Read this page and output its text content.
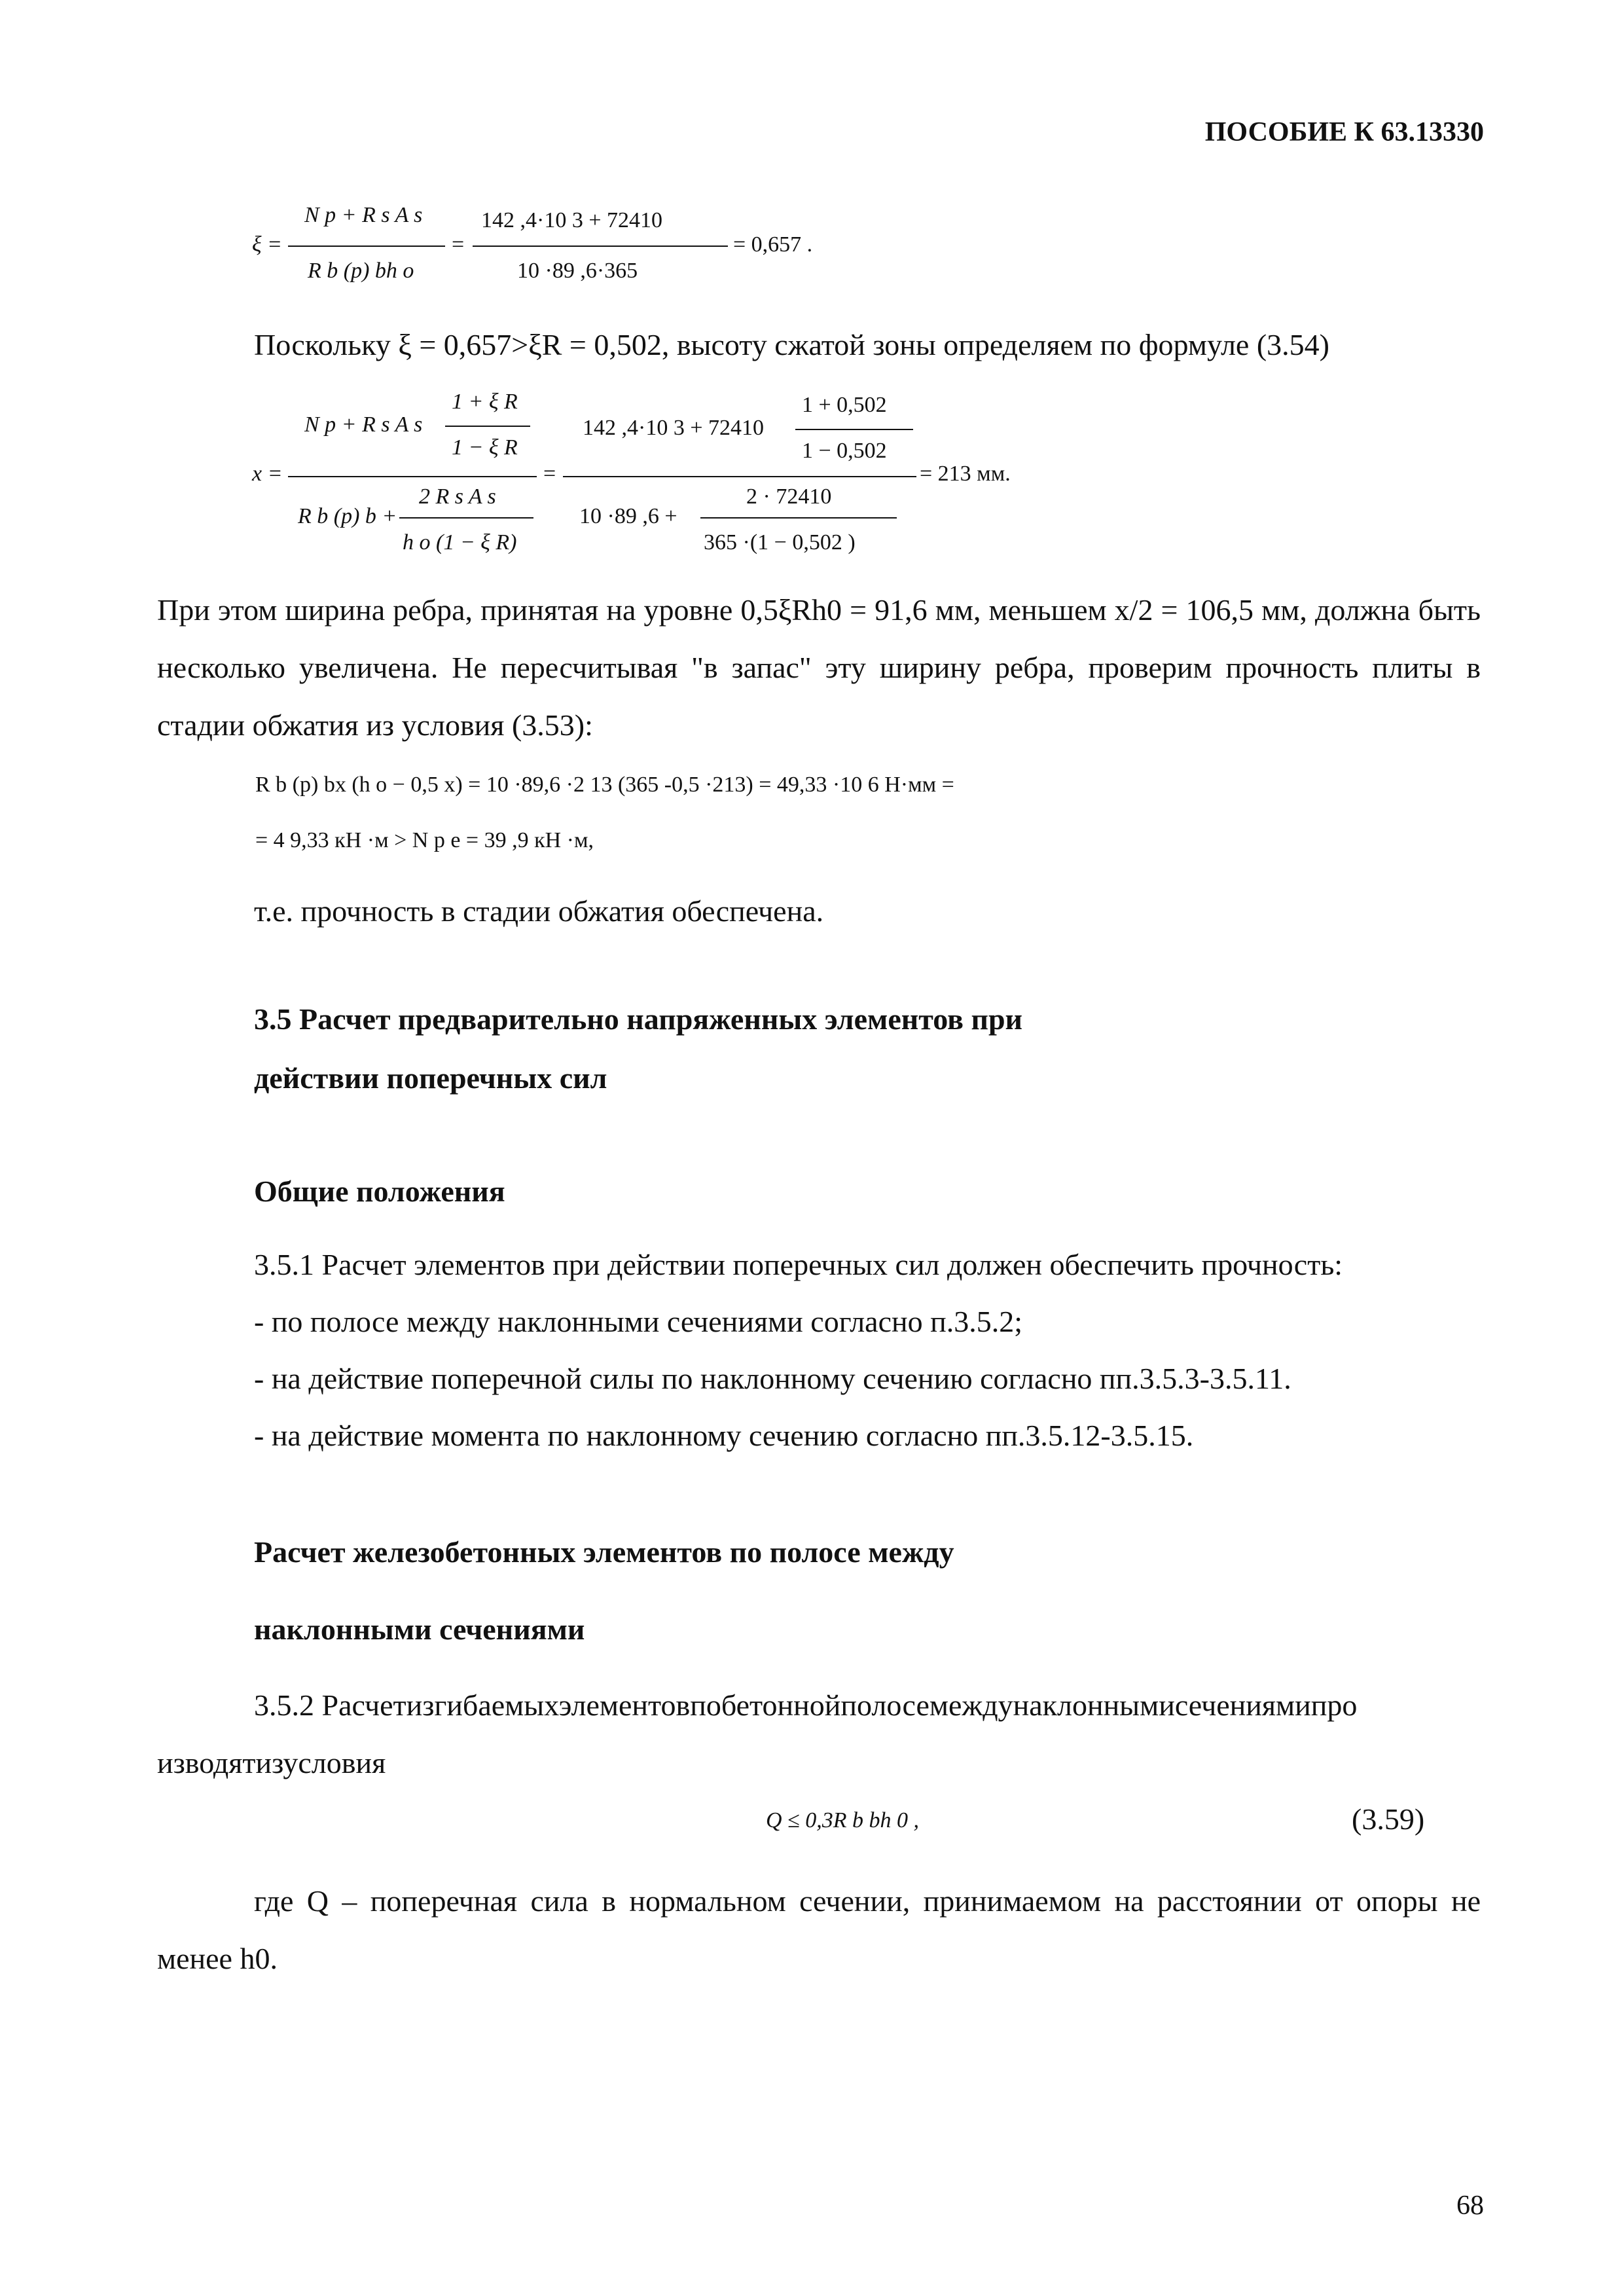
ПОСОБИЕ К 63.13330
ξ =
N p + R s A s
R b (p) bh o
=
142 ,4·10 3 + 72410
10 ·89 ,6·365
= 0,657 .
Поскольку ξ = 0,657>ξR = 0,502, высоту сжатой зоны определяем по формуле (3.54)
x =
1 + ξ R
1 − ξ R
N p + R s A s
R b (p) b +
2 R s A s
h o (1 − ξ R)
=
142 ,4·10 3 + 72410
1 + 0,502
1 − 0,502
10 ·89 ,6 +
2 · 72410
365 ·(1 − 0,502 )
= 213 мм.
При этом ширина ребра, принятая на уровне 0,5ξRh0 = 91,6 мм, меньшем x/2 = 106,5 мм, должна быть несколько увеличена. Не пересчитывая "в запас" эту ширину ребра, проверим прочность плиты в стадии обжатия из условия (3.53):
R b (p) bx (h o − 0,5 x) = 10 ·89,6 ·2 13 (365 -0,5 ·213) = 49,33 ·10 6 Н·мм =
= 4 9,33 кН ·м > N p e = 39 ,9 кН ·м,
т.е. прочность в стадии обжатия обеспечена.
3.5 Расчет предварительно напряженных элементов при
действии поперечных сил
Общие положения
3.5.1 Расчет элементов при действии поперечных сил должен обеспечить прочность:
- по полосе между наклонными сечениями согласно п.3.5.2;
- на действие поперечной силы по наклонному сечению согласно пп.3.5.3-3.5.11.
- на действие момента по наклонному сечению согласно пп.3.5.12-3.5.15.
Расчет железобетонных элементов по полосе между
наклонными сечениями
3.5.2 Расчетизгибаемыхэлементовпобетоннойполосемеждунаклоннымисечениямипро
изводятизусловия
Q ≤ 0,3R b bh 0 ,	(3.59)
где Q – поперечная сила в нормальном сечении, принимаемом на расстоянии от опоры не менее h0.
68
